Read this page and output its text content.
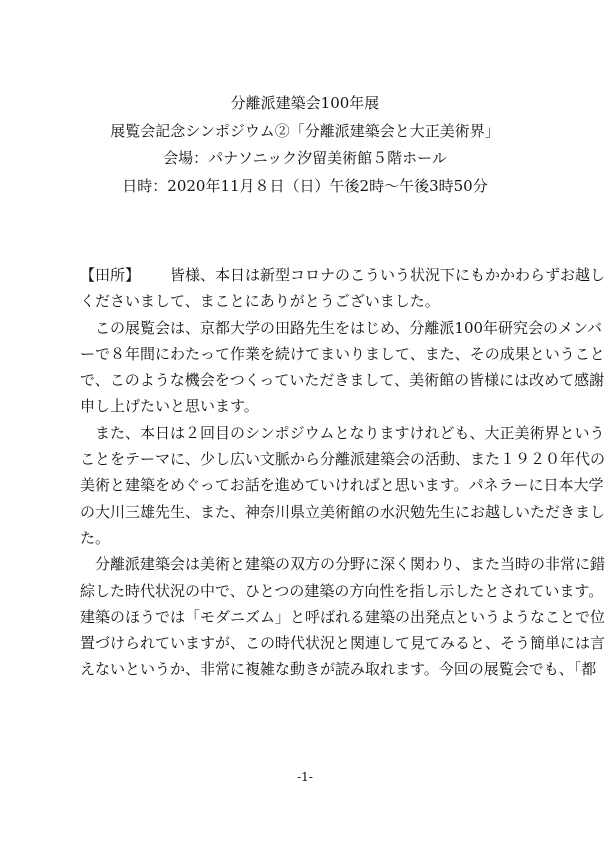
分離派建築会100年展
展覧会記念シンポジウム②「分離派建築会と大正美術界」
会場：パナソニック汐留美術館５階ホール
日時：2020年11月８日（日）午後2時～午後3時50分
【田所】 皆様、本日は新型コロナのこういう状況下にもかかわらずお越し
くださいまして、まことにありがとうございました。
この展覧会は、京都大学の田路先生をはじめ、分離派100年研究会のメンバ
ーで８年間にわたって作業を続けてまいりまして、また、その成果ということ
で、このような機会をつくっていただきまして、美術館の皆様には改めて感謝
申し上げたいと思います。
また、本日は２回目のシンポジウムとなりますけれども、大正美術界という
ことをテーマに、少し広い文脈から分離派建築会の活動、また１９２０年代の
美術と建築をめぐってお話を進めていければと思います。パネラーに日本大学
の大川三雄先生、また、神奈川県立美術館の水沢勉先生にお越しいただきまし
た。
分離派建築会は美術と建築の双方の分野に深く関わり、また当時の非常に錯
綜した時代状況の中で、ひとつの建築の方向性を指し示したとされています。
建築のほうでは「モダニズム」と呼ばれる建築の出発点というようなことで位
置づけられていますが、この時代状況と関連して見てみると、そう簡単には言
えないというか、非常に複雑な動きが読み取れます。今回の展覧会でも、「都
-1-
